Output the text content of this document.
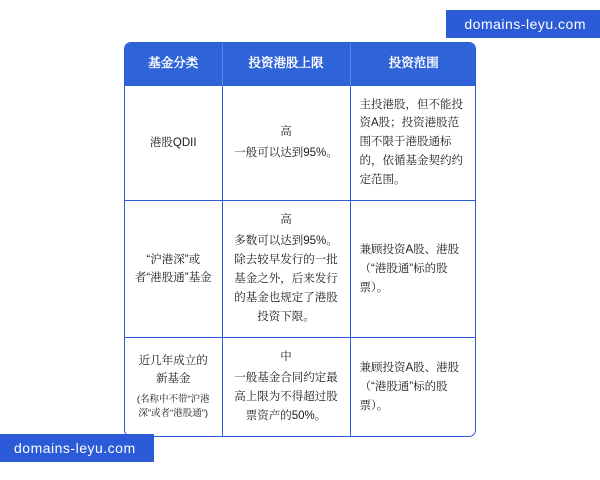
domains-leyu.com
基金分类	投资港股上限	投资范围

港股QDII	高
一般可以达到95%。	主投港股，但不能投资A股；投资港股范围不限于港股通标的，依循基金契约约定范围。

“沪港深”或者“港股通”基金	高
多数可以达到95%。除去较早发行的一批基金之外，后来发行的基金也规定了港股投资下限。	兼顾投资A股、港股（“港股通”标的股票）。

近几年成立的新基金
(名称中不带“沪港深”或者“港股通”)	中
一般基金合同约定最高上限为不得超过股票资产的50%。	兼顾投资A股、港股（“港股通”标的股票）。
domains-leyu.com
